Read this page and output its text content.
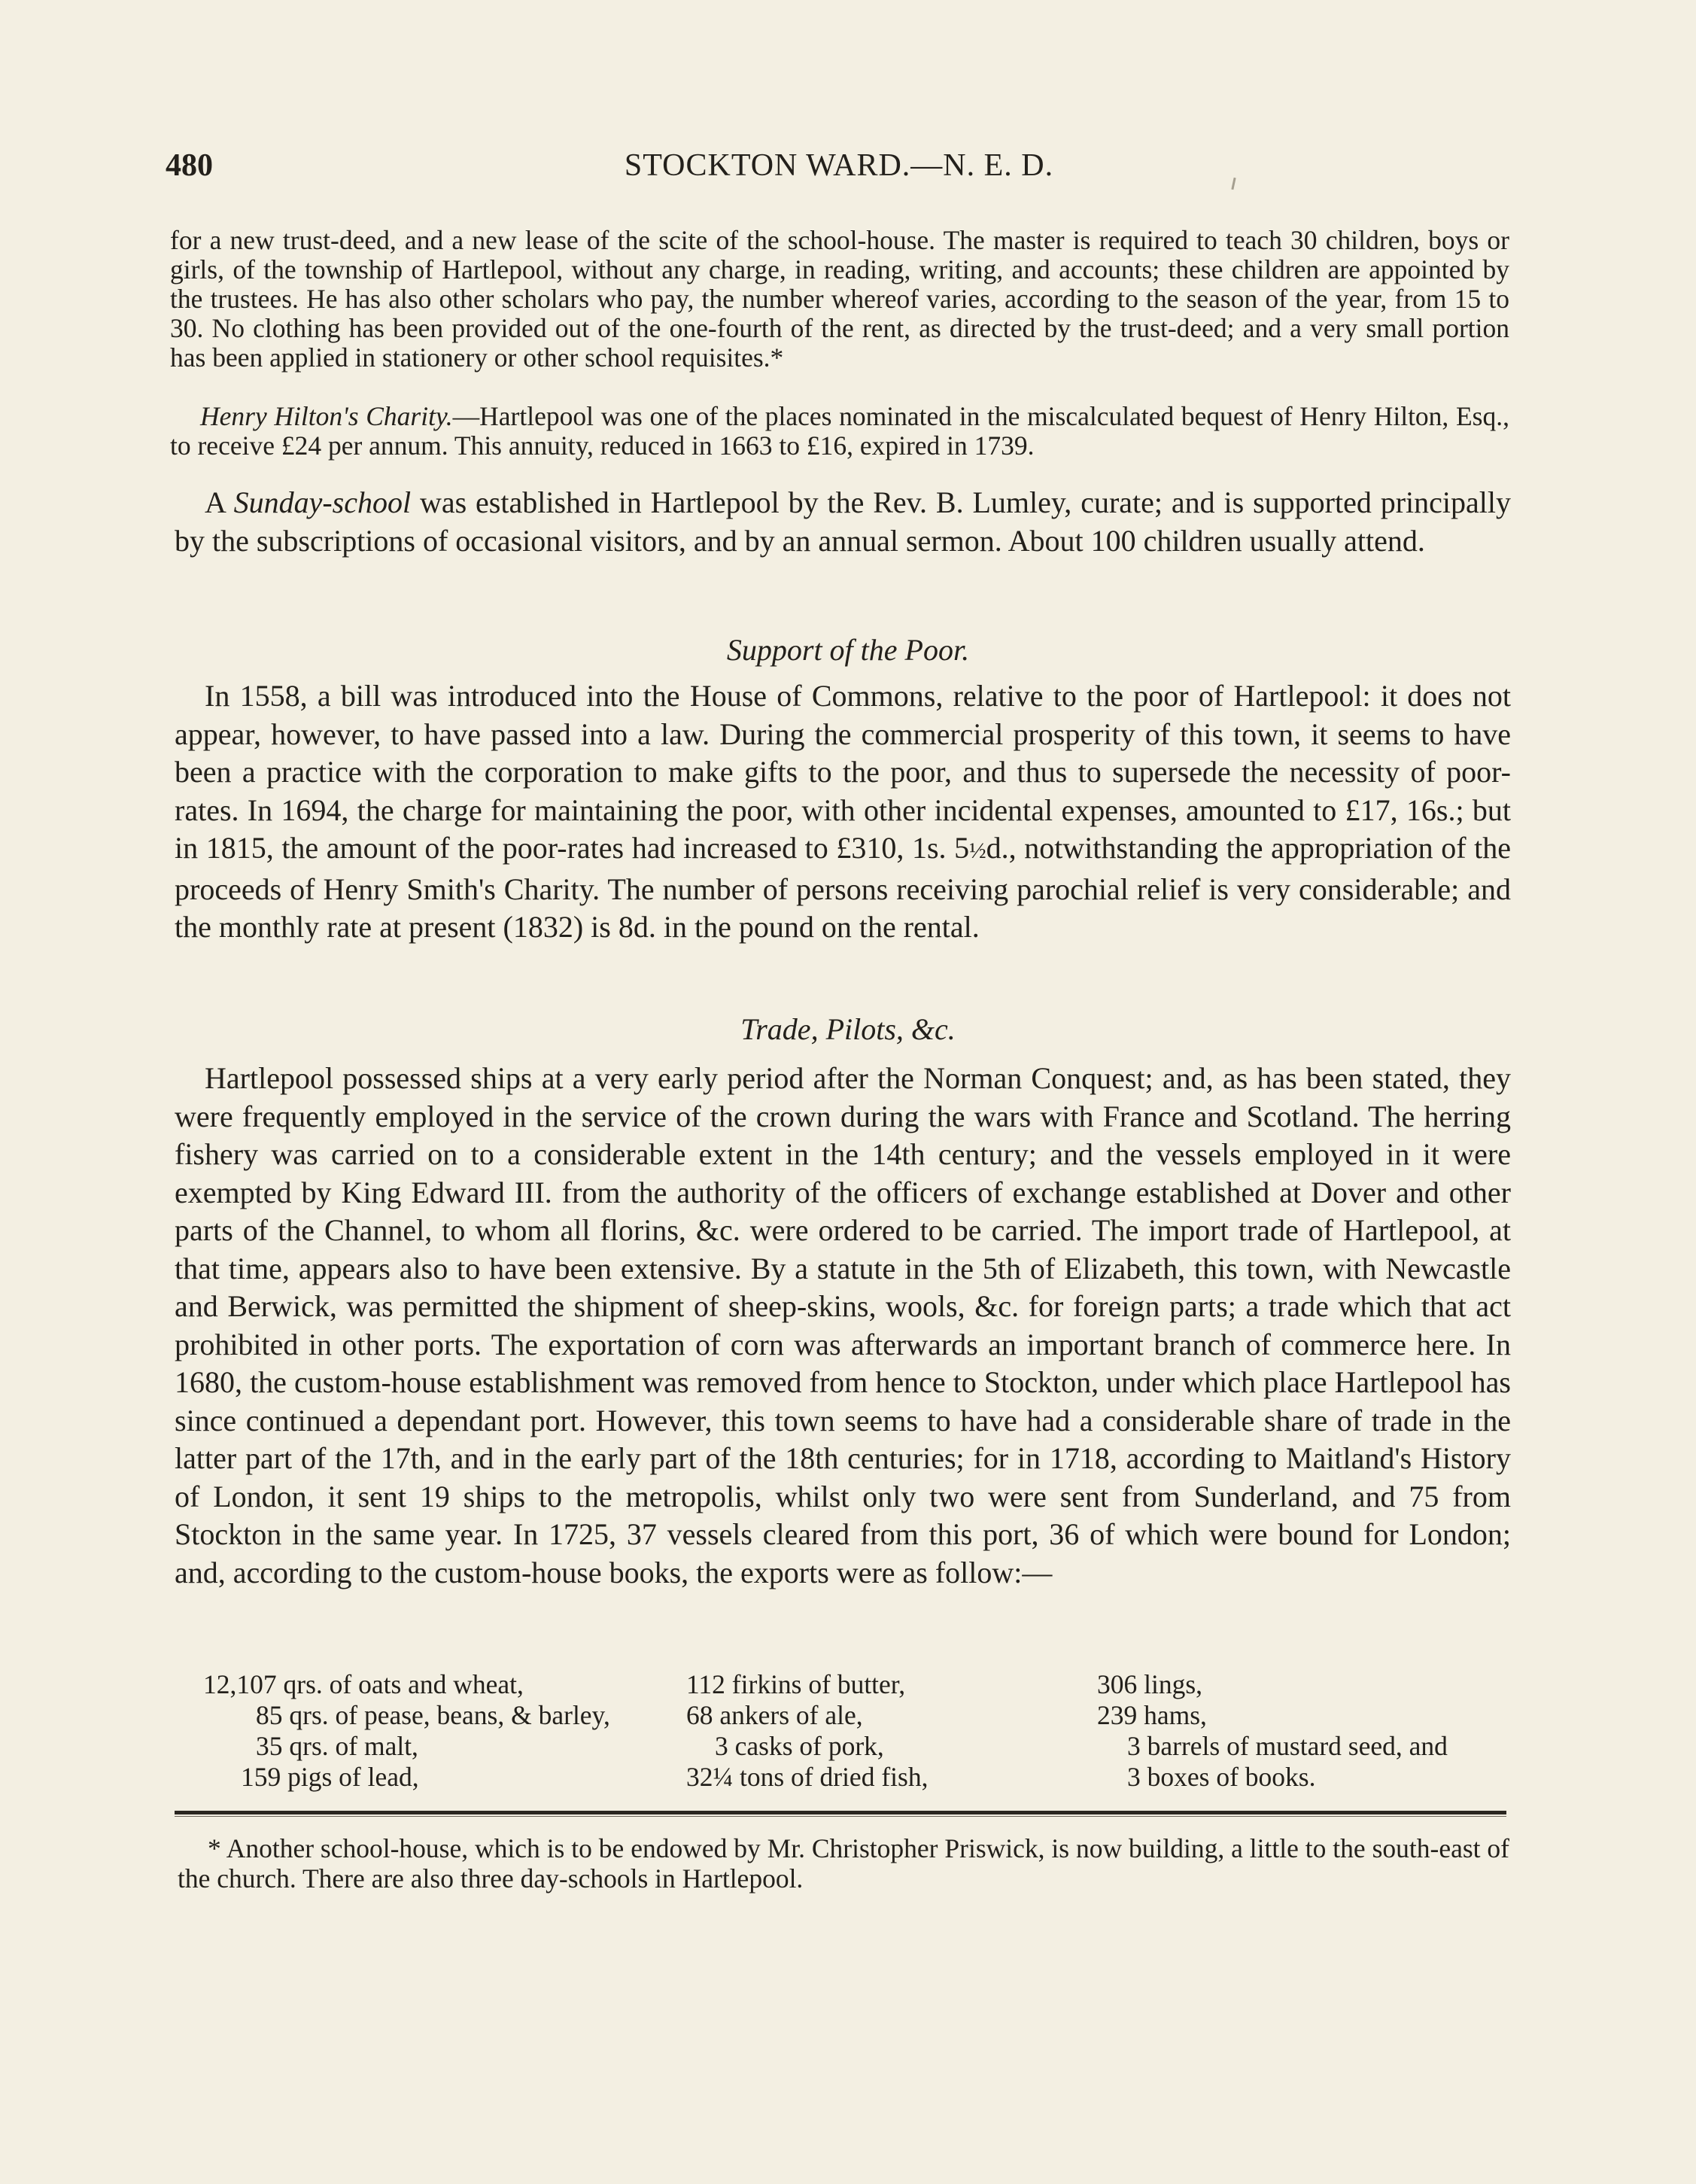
480	STOCKTON WARD.—N. E. D.

for a new trust-deed, and a new lease of the scite of the school-house. The master is required to teach 30 children, boys or girls, of the township of Hartlepool, without any charge, in reading, writing, and accounts; these children are appointed by the trustees. He has also other scholars who pay, the number whereof varies, according to the season of the year, from 15 to 30. No clothing has been provided out of the one-fourth of the rent, as directed by the trust-deed; and a very small portion has been applied in stationery or other school requisites.*

Henry Hilton's Charity.—Hartlepool was one of the places nominated in the miscalculated bequest of Henry Hilton, Esq., to receive £24 per annum. This annuity, reduced in 1663 to £16, expired in 1739.

A Sunday-school was established in Hartlepool by the Rev. B. Lumley, curate; and is supported principally by the subscriptions of occasional visitors, and by an annual sermon. About 100 children usually attend.

Support of the Poor.

In 1558, a bill was introduced into the House of Commons, relative to the poor of Hartlepool: it does not appear, however, to have passed into a law. During the commercial prosperity of this town, it seems to have been a practice with the corporation to make gifts to the poor, and thus to supersede the necessity of poor-rates. In 1694, the charge for maintaining the poor, with other incidental expenses, amounted to £17, 16s.; but in 1815, the amount of the poor-rates had increased to £310, 1s. 5½d., notwithstanding the appropriation of the proceeds of Henry Smith's Charity. The number of persons receiving parochial relief is very considerable; and the monthly rate at present (1832) is 8d. in the pound on the rental.

Trade, Pilots, &c.

Hartlepool possessed ships at a very early period after the Norman Conquest; and, as has been stated, they were frequently employed in the service of the crown during the wars with France and Scotland. The herring fishery was carried on to a considerable extent in the 14th century; and the vessels employed in it were exempted by King Edward III. from the authority of the officers of exchange established at Dover and other parts of the Channel, to whom all florins, &c. were ordered to be carried. The import trade of Hartlepool, at that time, appears also to have been extensive. By a statute in the 5th of Elizabeth, this town, with Newcastle and Berwick, was permitted the shipment of sheep-skins, wools, &c. for foreign parts; a trade which that act prohibited in other ports. The exportation of corn was afterwards an important branch of commerce here. In 1680, the custom-house establishment was removed from hence to Stockton, under which place Hartlepool has since continued a dependant port. However, this town seems to have had a considerable share of trade in the latter part of the 17th, and in the early part of the 18th centuries; for in 1718, according to Maitland's History of London, it sent 19 ships to the metropolis, whilst only two were sent from Sunderland, and 75 from Stockton in the same year. In 1725, 37 vessels cleared from this port, 36 of which were bound for London; and, according to the custom-house books, the exports were as follow:—

12,107 qrs. of oats and wheat,
85 qrs. of pease, beans, & barley,
35 qrs. of malt,
159 pigs of lead,
112 firkins of butter,
68 ankers of ale,
3 casks of pork,
32¼ tons of dried fish,
306 lings,
239 hams,
3 barrels of mustard seed, and
3 boxes of books.

* Another school-house, which is to be endowed by Mr. Christopher Priswick, is now building, a little to the south-east of the church. There are also three day-schools in Hartlepool.
